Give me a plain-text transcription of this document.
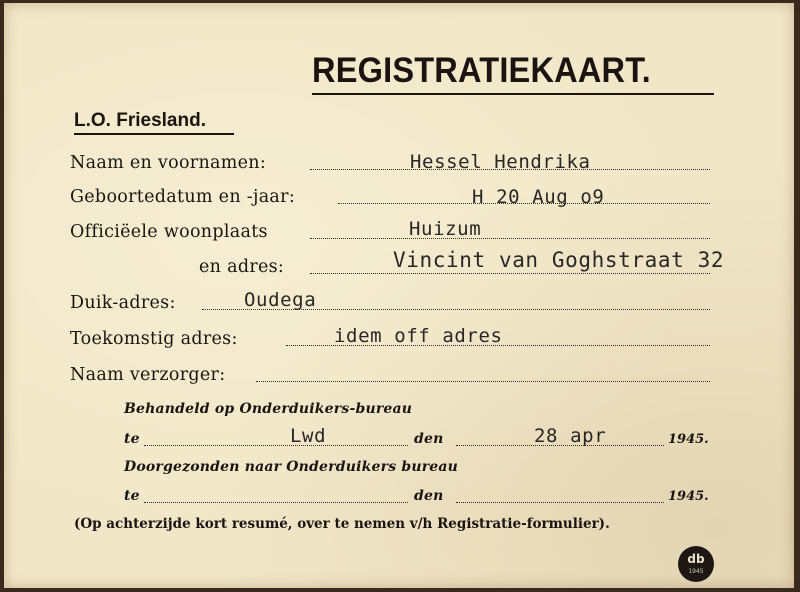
REGISTRATIEKAART.
L.O. Friesland.
Naam en voornamen:	Hessel Hendrika
Geboortedatum en -jaar:	H 20 Aug o9
Officiëele woonplaats	Huizum
en adres:	Vincint van Goghstraat 32
Duik-adres:	Oudega
Toekomstig adres:	idem off adres
Naam verzorger:
Behandeld op Onderduikers-bureau
te	Lwd	den	28 apr	1945.
Doorgezonden naar Onderduikers bureau
te	den	1945.
(Op achterzijde kort resumé, over te nemen v/h Registratie-formulier).
db
1945
